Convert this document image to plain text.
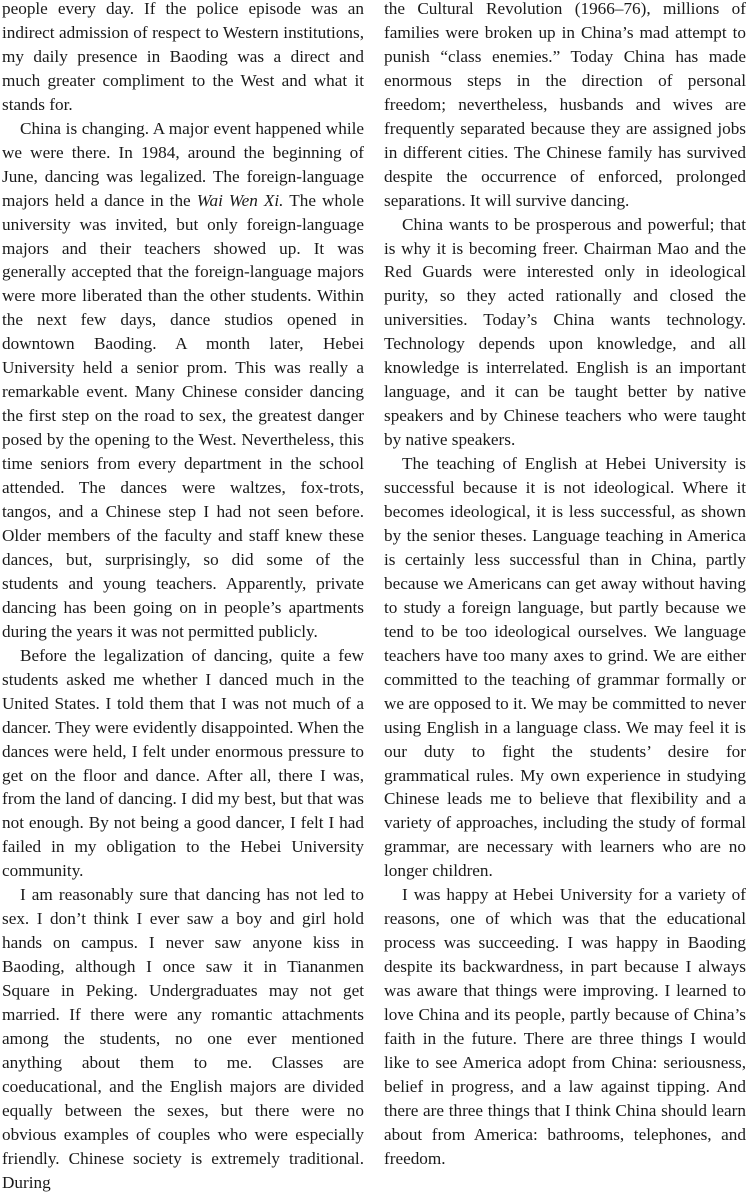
people every day. If the police episode was an indirect admission of respect to Western institutions, my daily presence in Baoding was a direct and much greater compliment to the West and what it stands for.

China is changing. A major event happened while we were there. In 1984, around the beginning of June, dancing was legalized. The foreign-language majors held a dance in the Wai Wen Xi. The whole university was invited, but only foreign-language majors and their teachers showed up. It was generally accepted that the foreign-language majors were more liberated than the other students. Within the next few days, dance studios opened in downtown Baoding. A month later, Hebei University held a senior prom. This was really a remarkable event. Many Chinese consider dancing the first step on the road to sex, the greatest danger posed by the opening to the West. Nevertheless, this time seniors from every department in the school attended. The dances were waltzes, fox-trots, tangos, and a Chinese step I had not seen before. Older members of the faculty and staff knew these dances, but, surprisingly, so did some of the students and young teachers. Apparently, private dancing has been going on in people’s apartments during the years it was not permitted publicly.

Before the legalization of dancing, quite a few students asked me whether I danced much in the United States. I told them that I was not much of a dancer. They were evidently disappointed. When the dances were held, I felt under enormous pressure to get on the floor and dance. After all, there I was, from the land of dancing. I did my best, but that was not enough. By not being a good dancer, I felt I had failed in my obligation to the Hebei University community.

I am reasonably sure that dancing has not led to sex. I don’t think I ever saw a boy and girl hold hands on campus. I never saw anyone kiss in Baoding, although I once saw it in Tiananmen Square in Peking. Undergraduates may not get married. If there were any romantic attachments among the students, no one ever mentioned anything about them to me. Classes are coeducational, and the English majors are divided equally between the sexes, but there were no obvious examples of couples who were especially friendly. Chinese society is extremely traditional. During

the Cultural Revolution (1966–76), millions of families were broken up in China’s mad attempt to punish “class enemies.” Today China has made enormous steps in the direction of personal freedom; nevertheless, husbands and wives are frequently separated because they are assigned jobs in different cities. The Chinese family has survived despite the occurrence of enforced, prolonged separations. It will survive dancing.

China wants to be prosperous and powerful; that is why it is becoming freer. Chairman Mao and the Red Guards were interested only in ideological purity, so they acted rationally and closed the universities. Today’s China wants technology. Technology depends upon knowledge, and all knowledge is interrelated. English is an important language, and it can be taught better by native speakers and by Chinese teachers who were taught by native speakers.

The teaching of English at Hebei University is successful because it is not ideological. Where it becomes ideological, it is less successful, as shown by the senior theses. Language teaching in America is certainly less successful than in China, partly because we Americans can get away without having to study a foreign language, but partly because we tend to be too ideological ourselves. We language teachers have too many axes to grind. We are either committed to the teaching of grammar formally or we are opposed to it. We may be committed to never using English in a language class. We may feel it is our duty to fight the students’ desire for grammatical rules. My own experience in studying Chinese leads me to believe that flexibility and a variety of approaches, including the study of formal grammar, are necessary with learners who are no longer children.

I was happy at Hebei University for a variety of reasons, one of which was that the educational process was succeeding. I was happy in Baoding despite its backwardness, in part because I always was aware that things were improving. I learned to love China and its people, partly because of China’s faith in the future. There are three things I would like to see America adopt from China: seriousness, belief in progress, and a law against tipping. And there are three things that I think China should learn about from America: bathrooms, telephones, and freedom.
